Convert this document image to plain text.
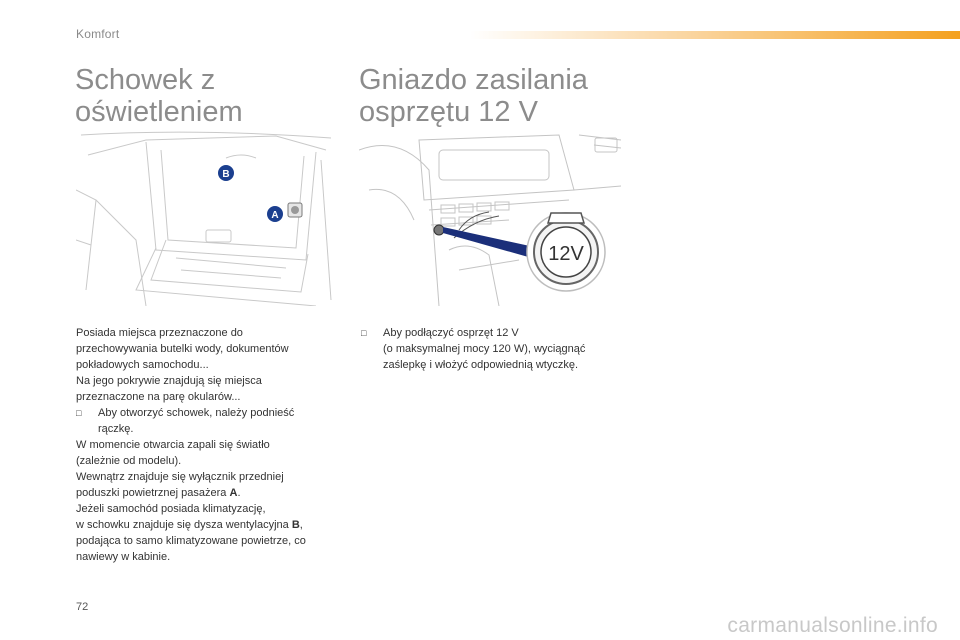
Komfort
Schowek z
oświetleniem
Gniazdo zasilania
osprzętu 12 V
B
A
12V
Posiada miejsca przeznaczone do
przechowywania butelki wody, dokumentów
pokładowych samochodu...
Na jego pokrywie znajdują się miejsca
przeznaczone na parę okularów...
□	Aby otworzyć schowek, należy podnieść
rączkę.
W momencie otwarcia zapali się światło
(zależnie od modelu).
Wewnątrz znajduje się wyłącznik przedniej
poduszki powietrznej pasażera A.
Jeżeli samochód posiada klimatyzację,
w schowku znajduje się dysza wentylacyjna B,
podająca to samo klimatyzowane powietrze, co
nawiewy w kabinie.
□	Aby podłączyć osprzęt 12 V
(o maksymalnej mocy 120 W), wyciągnąć
zaślepkę i włożyć odpowiednią wtyczkę.
72
carmanualsonline.info
